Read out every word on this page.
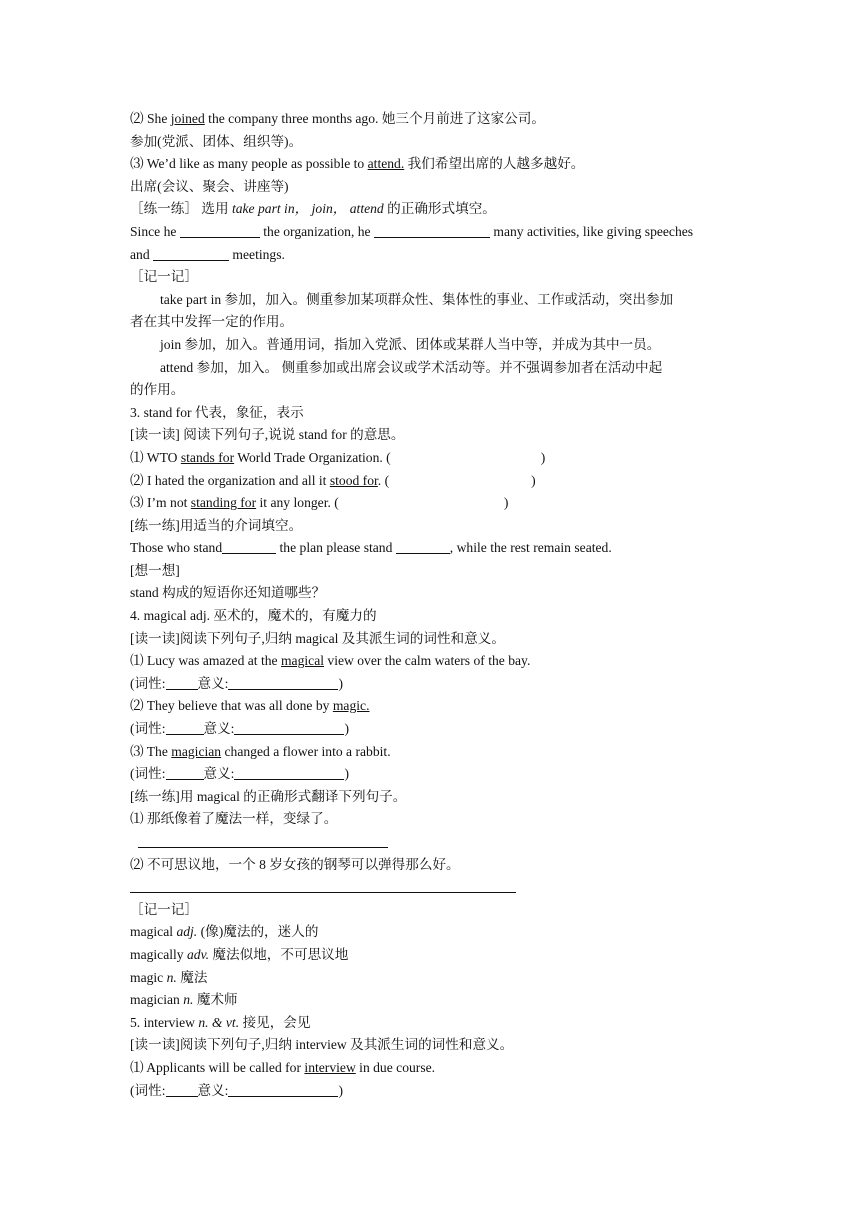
⑵ She joined the company three months ago. 她三个月前进了这家公司。
参加(党派、团体、组织等)。
⑶ We’d like as many people as possible to attend. 我们希望出席的人越多越好。
出席(会议、聚会、讲座等)
［练一练］ 选用 take part in， join， attend 的正确形式填空。
Since he	the organization, he	many activities, like giving speeches
and	meetings.
［记一记］
take part in 参加，加入。侧重参加某项群众性、集体性的事业、工作或活动，突出参加
者在其中发挥一定的作用。
join 参加，加入。普通用词，指加入党派、团体或某群人当中等，并成为其中一员。
attend 参加，加入。 侧重参加或出席会议或学术活动等。并不强调参加者在活动中起
的作用。
3. stand for 代表，象征，表示
[读一读] 阅读下列句子,说说 stand for 的意思。
⑴ WTO stands for World Trade Organization. (	)
⑵ I hated the organization and all it stood for. (	)
⑶ I’m not standing for it any longer. (	)
[练一练]用适当的介词填空。
Those who stand	the plan please stand	, while the rest remain seated.
[想一想]
stand 构成的短语你还知道哪些？
4. magical adj. 巫术的，魔术的，有魔力的
[读一读]阅读下列句子,归纳 magical 及其派生词的词性和意义。
⑴ Lucy was amazed at the magical view over the calm waters of the bay.
(词性: 意义:	)
⑵ They believe that was all done by magic.
(词性:	意义:	)
⑶ The magician changed a flower into a rabbit.
(词性:	意义:	)
[练一练]用 magical 的正确形式翻译下列句子。
⑴ 那纸像着了魔法一样，变绿了。
⑵ 不可思议地，一个 8 岁女孩的钢琴可以弹得那么好。
［记一记］
magical adj. (像)魔法的，迷人的
magically adv. 魔法似地，不可思议地
magic n. 魔法
magician n. 魔术师
5. interview n. & vt. 接见，会见
[读一读]阅读下列句子,归纳 interview 及其派生词的词性和意义。
⑴ Applicants will be called for interview in due course.
(词性: 意义:	)
